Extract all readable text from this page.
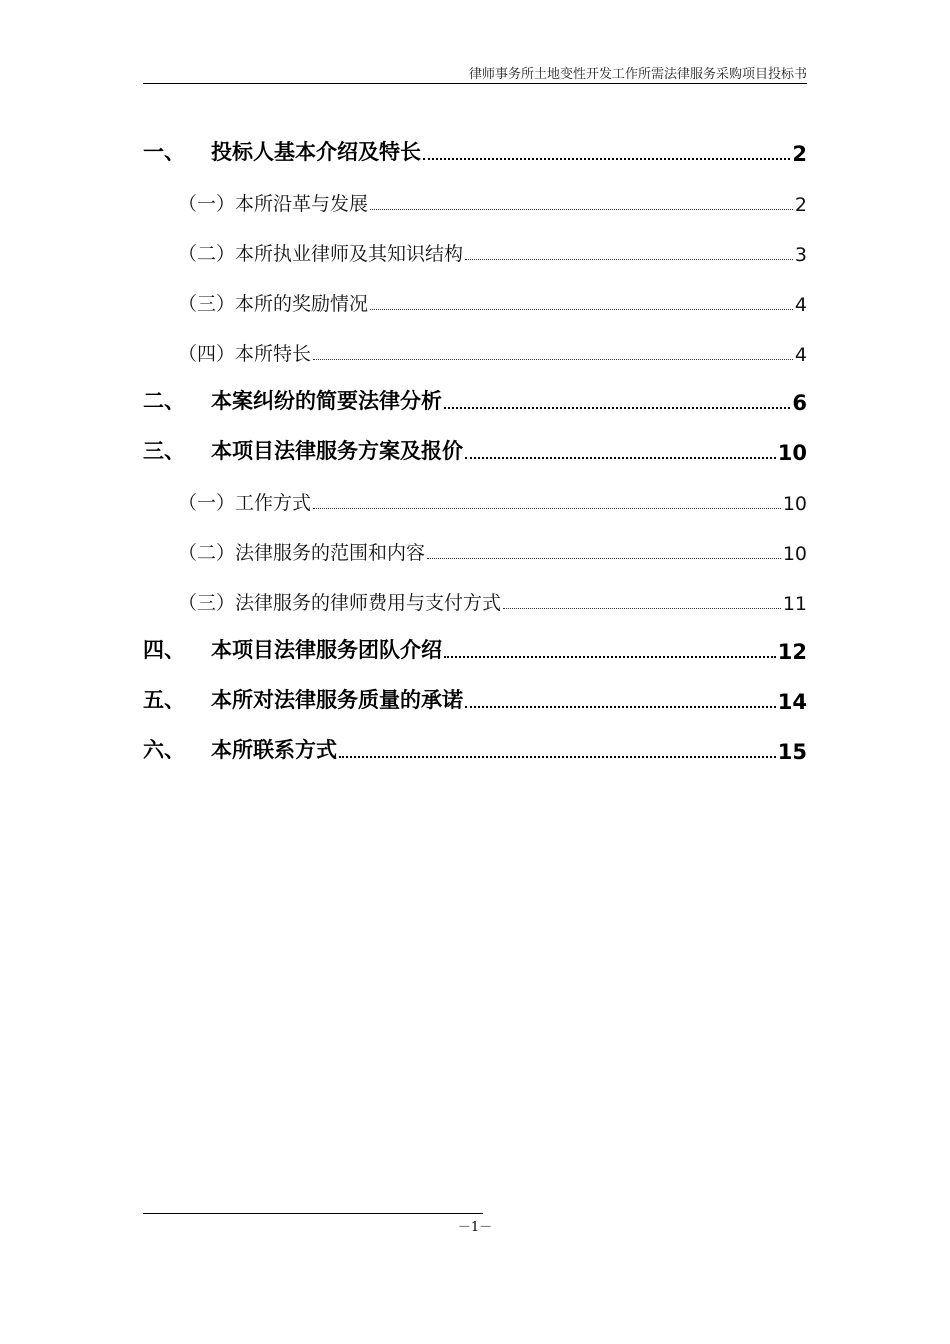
律师事务所土地变性开发工作所需法律服务采购项目投标书
一、	投标人基本介绍及特长	2
（一） 本所沿革与发展	2
（二） 本所执业律师及其知识结构	3
（三） 本所的奖励情况	4
（四） 本所特长	4
二、	本案纠纷的简要法律分析	6
三、	本项目法律服务方案及报价	10
（一） 工作方式	10
（二） 法律服务的范围和内容	10
（三） 法律服务的律师费用与支付方式	11
四、	本项目法律服务团队介绍	12
五、	本所对法律服务质量的承诺	14
六、	本所联系方式	15
－1－
